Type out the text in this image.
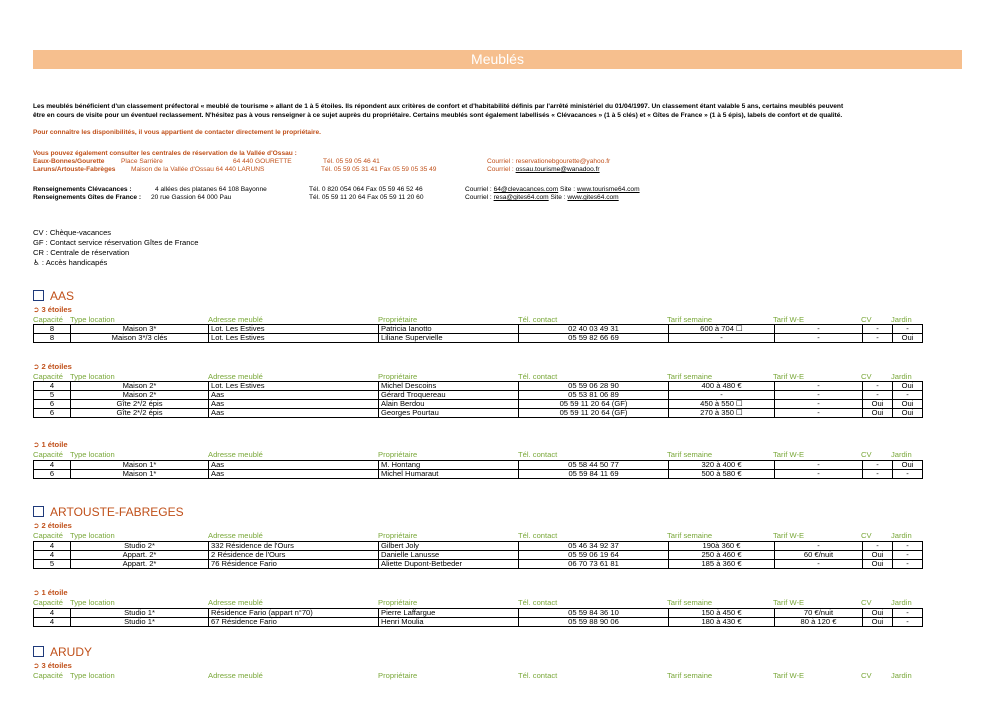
Meublés
Les meublés bénéficient d'un classement préfectoral « meublé de tourisme » allant de 1 à 5 étoiles. Ils répondent aux critères de confort et d'habitabilité définis par l'arrêté ministériel du 01/04/1997. Un classement étant valable 5 ans, certains meublés peuvent
être en cours de visite pour un éventuel reclassement. N'hésitez pas à vous renseigner à ce sujet auprès du propriétaire. Certains meublés sont également labellisés « Clévacances » (1 à 5 clés) et « Gîtes de France » (1 à 5 épis), labels de confort et de qualité.
Pour connaître les disponibilités, il vous appartient de contacter directement le propriétaire.
Vous pouvez également consulter les centrales de réservation de la Vallée d'Ossau :
Eaux-Bonnes/Gourette	Place Sarrière	64 440 GOURETTE	Tél. 05 59 05 46 41	Courriel : reservationebgourette@yahoo.fr
Laruns/Artouste-Fabrèges Maison de la Vallée d'Ossau 64 440 LARUNS	Tél. 05 59 05 31 41 Fax 05 59 05 35 49	Courriel : ossau.tourisme@wanadoo.fr
Renseignements Clévacances :	4 allées des platanes 64 108 Bayonne	Tél. 0 820 054 064 Fax 05 59 46 52 46	Courriel : 64@clevacances.com Site : www.tourisme64.com
Renseignements Gîtes de France : 20 rue Gassion 64 000 Pau	Tél. 05 59 11 20 64 Fax 05 59 11 20 60	Courriel : resa@gites64.com Site : www.gites64.com
CV : Chèque-vacances
GF : Contact service réservation Gîtes de France
CR : Centrale de réservation
♿ : Accès handicapés
AAS
➲ 3 étoiles
Capacité Type location	Adresse meublé	Propriétaire	Tél. contact	Tarif semaine	Tarif W-E	CV	Jardin
8	Maison 3*	Lot. Les Estives	Patricia Ianotto	02 40 03 49 31	600 à 704 ☐	-	-	-
8	Maison 3*/3 clés	Lot. Les Estives	Liliane Supervielle	05 59 82 66 69	-	-	-	Oui
➲ 2 étoiles
Capacité Type location	Adresse meublé	Propriétaire	Tél. contact	Tarif semaine	Tarif W-E	CV	Jardin
4	Maison 2*	Lot. Les Estives	Michel Descoins	05 59 06 28 90	400 à 480 €	-	-	Oui
5	Maison 2*	Aas	Gérard Troquereau	05 53 81 06 89	-	-	-	-
6	Gîte 2*/2 épis	Aas	Alain Berdou	05 59 11 20 64 (GF)	450 à 550 ☐	-	Oui	Oui
6	Gîte 2*/2 épis	Aas	Georges Pourtau	05 59 11 20 64 (GF)	270 à 350 ☐	-	Oui	Oui
➲ 1 étoile
Capacité Type location	Adresse meublé	Propriétaire	Tél. contact	Tarif semaine	Tarif W-E	CV	Jardin
4	Maison 1*	Aas	M. Hontang	05 58 44 50 77	320 à 400 €	-	-	Oui
6	Maison 1*	Aas	Michel Humaraut	05 59 84 11 69	500 à 580 €	-	-	-
ARTOUSTE-FABREGES
➲ 2 étoiles
Capacité Type location	Adresse meublé	Propriétaire	Tél. contact	Tarif semaine	Tarif W-E	CV	Jardin
4	Studio 2*	332 Résidence de l'Ours	Gilbert Joly	05 46 34 92 37	190à 360 €	-	-	-
4	Appart. 2*	2 Résidence de l'Ours	Danielle Lanusse	05 59 06 19 64	250 à 460 €	60 €/nuit	Oui	-
5	Appart. 2*	76 Résidence Fario	Aliette Dupont-Betbeder	06 70 73 61 81	185 à 360 €	-	Oui	-
➲ 1 étoile
Capacité Type location	Adresse meublé	Propriétaire	Tél. contact	Tarif semaine	Tarif W-E	CV	Jardin
4	Studio 1*	Résidence Fario (appart n°70)	Pierre Laffargue	05 59 84 36 10	150 à 450 €	70 €/nuit	Oui	-
4	Studio 1*	67 Résidence Fario	Henri Moulia	05 59 88 90 06	180 à 430 €	80 à 120 €	Oui	-
ARUDY
➲ 3 étoiles
Capacité Type location	Adresse meublé	Propriétaire	Tél. contact	Tarif semaine	Tarif W-E	CV	Jardin
